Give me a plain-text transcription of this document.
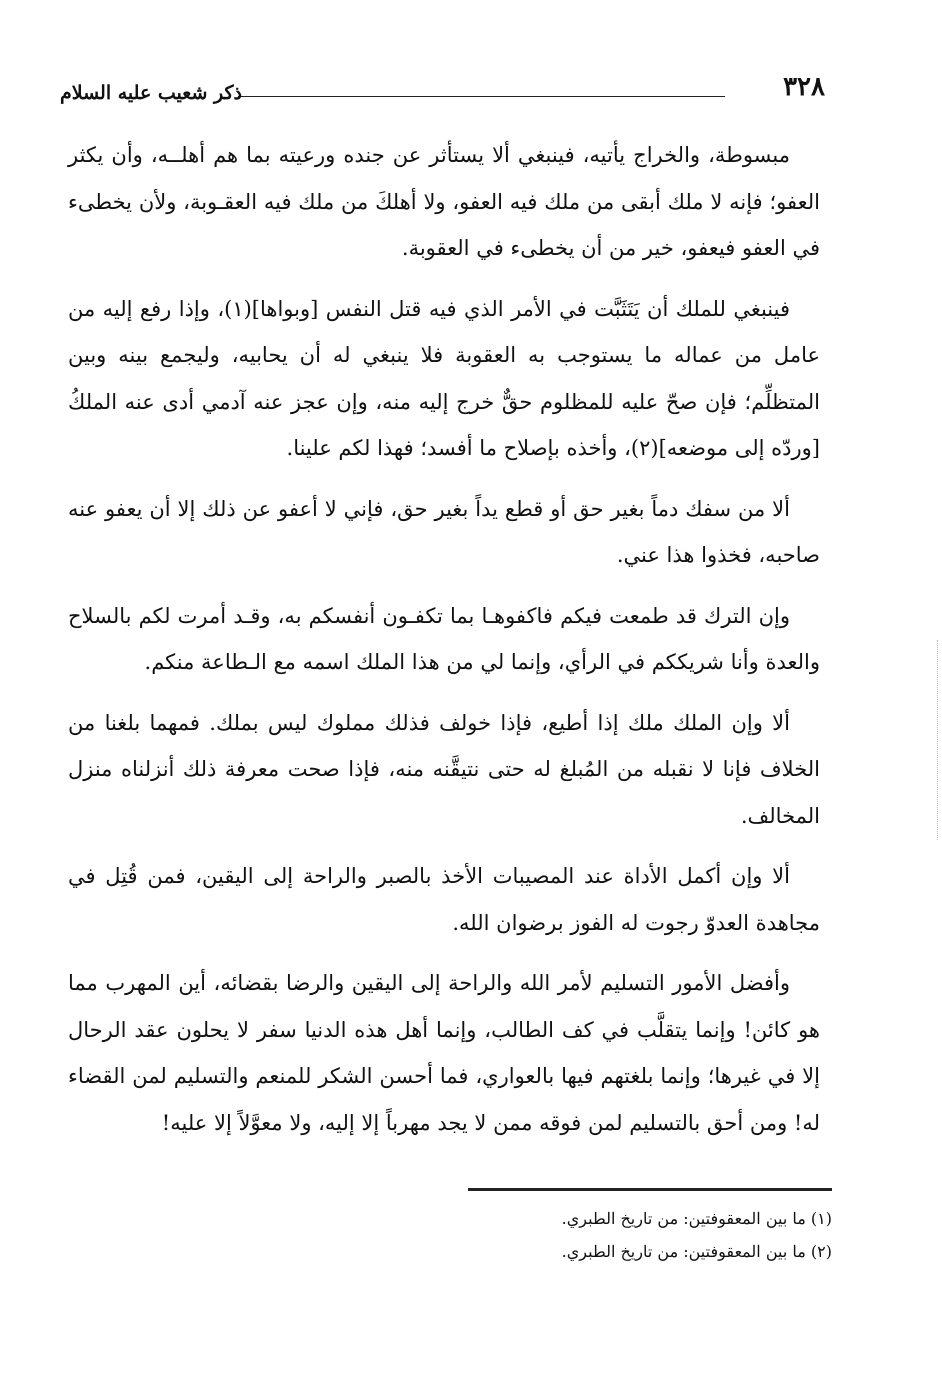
٣٢٨
ذكر شعيب عليه السلام

مبسوطة، والخراج يأتيه، فينبغي ألا يستأثر عن جنده ورعيته بما هم أهلــه، وأن يكثر العفو؛ فإنه لا ملك أبقى من ملك فيه العفو، ولا أهلكَ من ملك فيه العقـوبة، ولأن يخطىء في العفو فيعفو، خير من أن يخطىء في العقوبة.

فينبغي للملك أن يَتَثَبَّت في الأمر الذي فيه قتل النفس [وبواها](١)، وإذا رفع إليه من عامل من عماله ما يستوجب به العقوبة فلا ينبغي له أن يحابيه، وليجمع بينه وبين المتظلِّم؛ فإن صحّ عليه للمظلوم حقٌّ خرج إليه منه، وإن عجز عنه آدمي أدى عنه الملكُ [وردّه إلى موضعه](٢)، وأخذه بإصلاح ما أفسد؛ فهذا لكم علينا.

ألا من سفك دماً بغير حق أو قطع يداً بغير حق، فإني لا أعفو عن ذلك إلا أن يعفو عنه صاحبه، فخذوا هذا عني.

وإن الترك قد طمعت فيكم فاكفوهـا بما تكفـون أنفسكم به، وقـد أمرت لكم بالسلاح والعدة وأنا شريككم في الرأي، وإنما لي من هذا الملك اسمه مع الـطاعة منكم.

ألا وإن الملك ملك إذا أطيع، فإذا خولف فذلك مملوك ليس بملك. فمهما بلغنا من الخلاف فإنا لا نقبله من المُبلغ له حتى نتيقَّنه منه، فإذا صحت معرفة ذلك أنزلناه منزل المخالف.

ألا وإن أكمل الأداة عند المصيبات الأخذ بالصبر والراحة إلى اليقين، فمن قُتِل في مجاهدة العدوّ رجوت له الفوز برضوان الله.

وأفضل الأمور التسليم لأمر الله والراحة إلى اليقين والرضا بقضائه، أين المهرب مما هو كائن! وإنما يتقلَّب في كف الطالب، وإنما أهل هذه الدنيا سفر لا يحلون عقد الرحال إلا في غيرها؛ وإنما بلغتهم فيها بالعواري، فما أحسن الشكر للمنعم والتسليم لمن القضاء له! ومن أحق بالتسليم لمن فوقه ممن لا يجد مهرباً إلا إليه، ولا معوَّلاً إلا عليه!

(١) ما بين المعقوفتين: من تاريخ الطبري.
(٢) ما بين المعقوفتين: من تاريخ الطبري.
